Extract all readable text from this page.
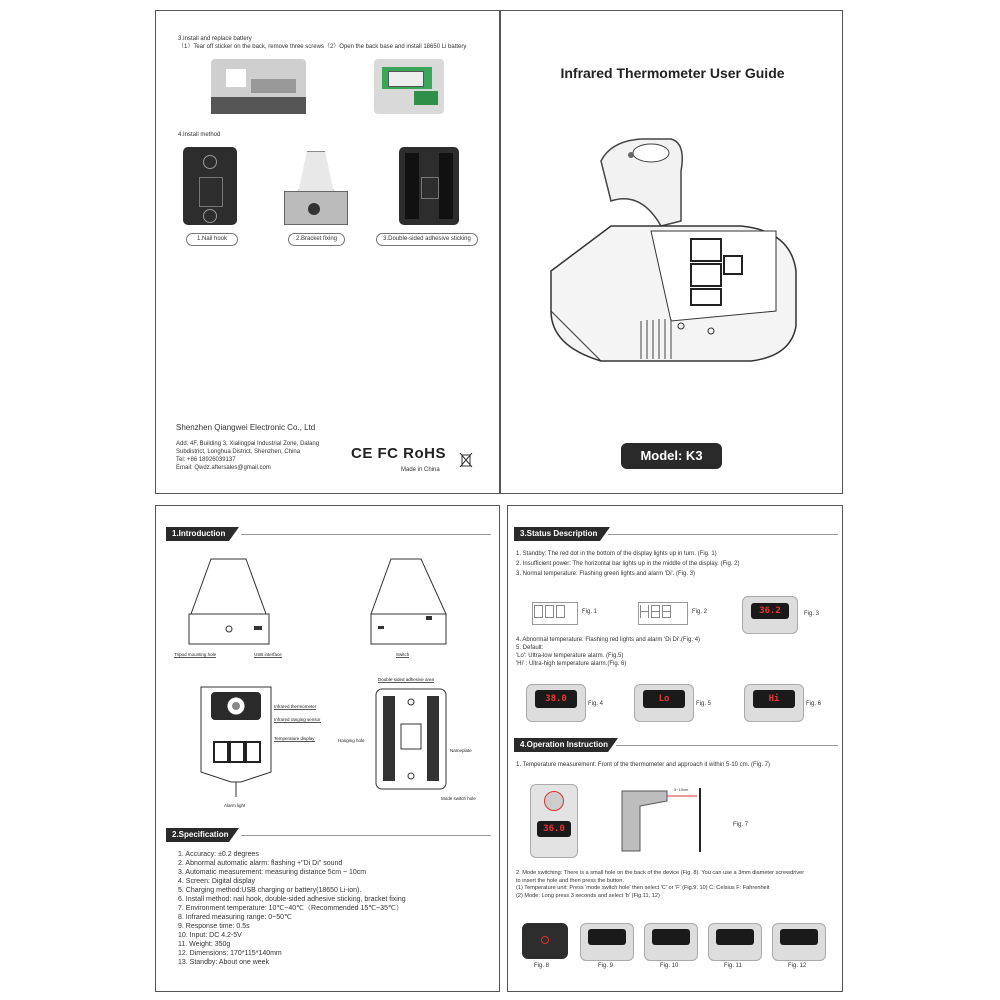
3.Install and replace battery
（1）Tear off sticker on the back, remove three screws（2）Open the back base and install 18650 Li battery
4.Install method
1.Nail hook	2.Bracket fixing	3.Double-sided adhesive sticking
Shenzhen Qiangwei Electronic Co., Ltd
Add: 4F, Building 3, Xialingpai Industrial Zone, Dalang
Subdistrict, Longhua District, Shenzhen, China
Tel: +86 18926039137
Email: Qwdz.aftersales@gmail.com
CE FC RoHS
Made in China
Infrared Thermometer User Guide
Model: K3
1.Introduction
Tripod mounting hole	USB interface	Switch
Infrared thermometer
Infrared ranging sensor
Temperature display
Alarm light
Double-sided adhesive area
Hanging hole
Nameplate
Mode switch hole
2.Specification
1. Accuracy: ±0.2 degrees
2. Abnormal automatic alarm: flashing +"Di Di" sound
3. Automatic measurement: measuring distance 5cm ~ 10cm
4. Screen: Digital display
5. Charging method:USB charging or battery(18650 Li-ion).
6. Install method: nail hook, double-sided adhesive sticking, bracket fixing
7. Environment temperature: 10℃~40℃（Recommended 15℃~35℃）
8. Infrared measuring range: 0~50℃
9. Response time: 0.5s
10. Input: DC 4.2-5V
11. Weight: 350g
12. Dimensions: 170*115*140mm
13. Standby: About one week
3.Status Description
1. Standby: The red dot in the bottom of the display lights up in turn. (Fig. 1)
2. Insufficient power: The horizontal bar lights up in the middle of the display. (Fig. 2)
3. Normal temperature: Flashing green lights and alarm 'Di'. (Fig. 3)
Fig. 1	Fig. 2	36.2	Fig. 3
4. Abnormal temperature: Flashing red lights and alarm 'Di Di'.(Fig. 4)
5. Default:
'Lo': Ultra-low temperature alarm. (Fig.5)
'Hi' : Ultra-high temperature alarm.(Fig. 6)
38.0	Fig. 4	Lo	Fig. 5	Hi	Fig. 6
4.Operation Instruction
1. Temperature measurement: Front of the thermometer and approach it within 5-10 cm. (Fig. 7)
36.0
5~10cm
Fig. 7
2. Mode switching: There is a small hole on the back of the device (Fig. 8). You can use a 3mm diameter screwdriver
to insert the hole and then press the button.
(1) Temperature unit: Press 'mode switch hole' then select 'C' or 'F' (Fig.9, 10) C: Celsius F: Fahrenheit
(2) Mode: Long press 3 seconds and select 'b' (Fig.11, 12)
Fig. 8	Fig. 9	Fig. 10	Fig. 11	Fig. 12
